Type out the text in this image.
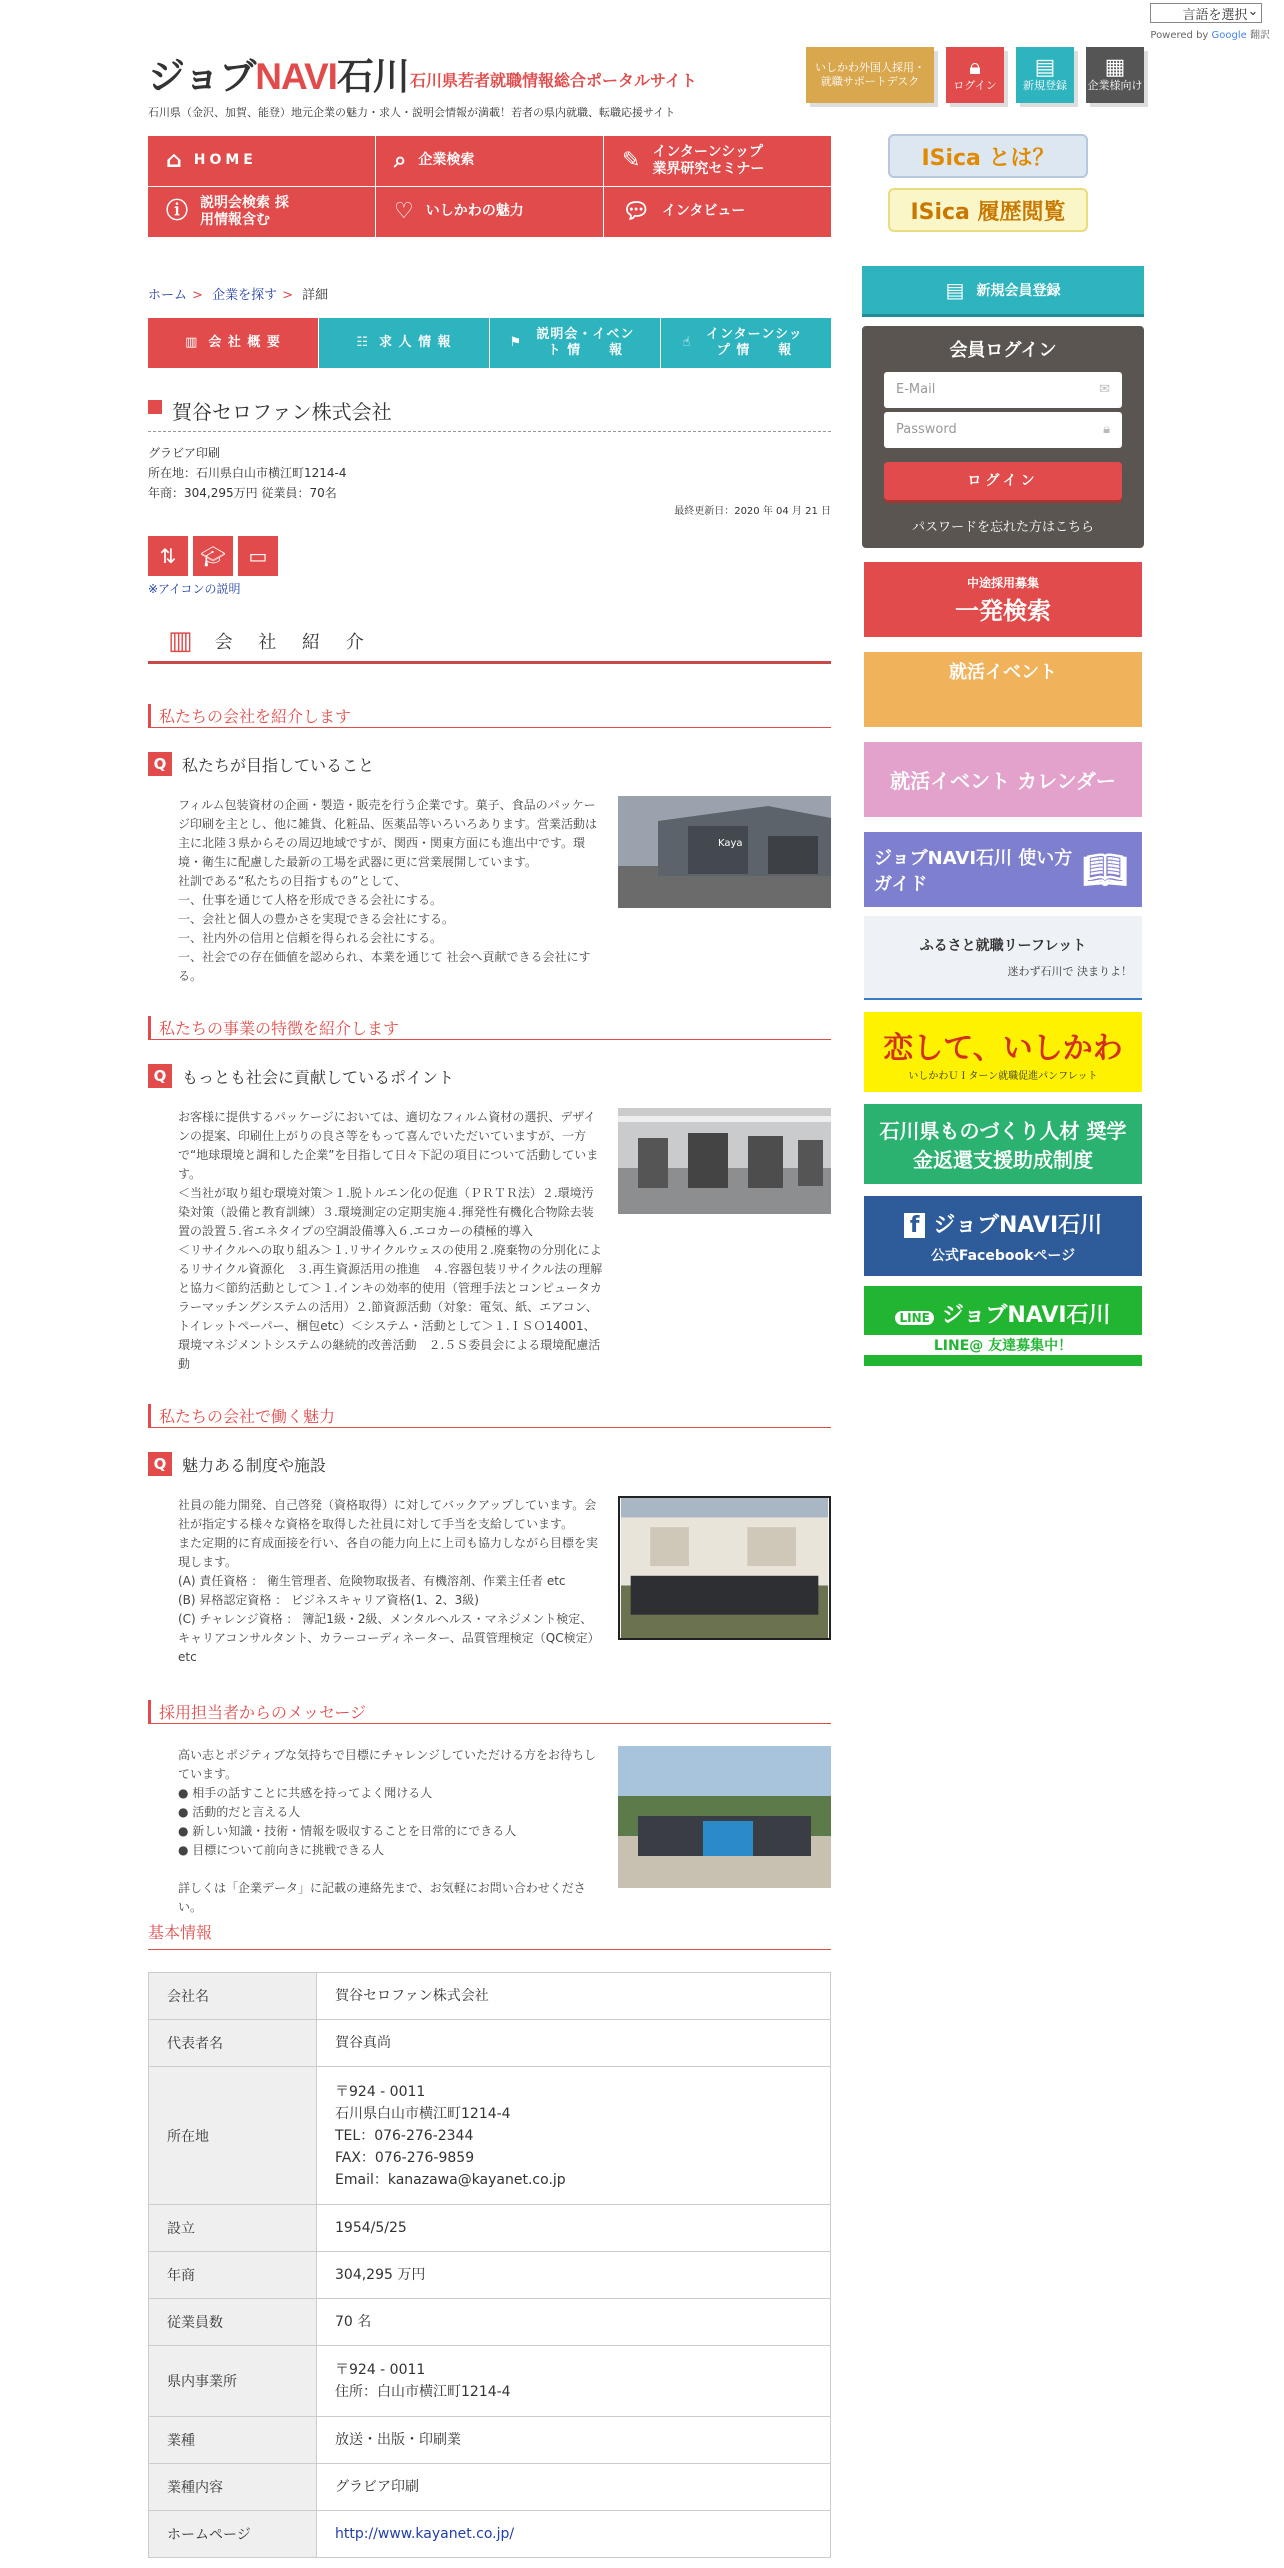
言語を選択 ⌄
Powered by Google 翻訳
ジョブNAVI石川 石川県若者就職情報総合ポータルサイト
石川県（金沢、加賀、能登）地元企業の魅力・求人・説明会情報が満載！若者の県内就職、転職応援サイト
いしかわ外国人採用・就職サポートデスク
🔒︎
ログイン
▤
新規登録
▦
企業様向け
⌂ HOME	⌕ 企業検索	✎ インターンシップ 業界研究セミナー
ⓘ 説明会検索 採用情報含む	♡ いしかわの魅力	💬︎ インタビュー
ISica とは？
ISica 履歴閲覧
ホーム > 企業を探す > 詳細
▥ 会 社 概 要	☷ 求 人 情 報	⚑
説明会・イベント 情　　報
☝
インターンシップ 情　　報
賀谷セロファン株式会社
グラビア印刷
所在地：石川県白山市横江町1214-4
年商：304,295万円 従業員：70名
最終更新日：2020 年 04 月 21 日
⇅	🎓︎	▭
※アイコンの説明
▥ 会 社 紹 介
私たちの会社を紹介します
Q 私たちが目指していること
フィルム包装資材の企画・製造・販売を行う企業です。菓子、食品のパッケージ印刷を主とし、他に雑貨、化粧品、医薬品等いろいろあります。営業活動は主に北陸３県からその周辺地域ですが、関西・関東方面にも進出中です。環境・衛生に配慮した最新の工場を武器に更に営業展開しています。
社訓である“私たちの目指すもの”として、
一、仕事を通じて人格を形成できる会社にする。
一、会社と個人の豊かさを実現できる会社にする。
一、社内外の信用と信頼を得られる会社にする。
一、社会での存在価値を認められ、本業を通じて 社会へ貢献できる会社にする。
Kaya
私たちの事業の特徴を紹介します
Q もっとも社会に貢献しているポイント
お客様に提供するパッケージにおいては、適切なフィルム資材の選択、デザインの提案、印刷仕上がりの良さ等をもって喜んでいただいていますが、一方で“地球環境と調和した企業”を目指して日々下記の項目について活動しています。
＜当社が取り組む環境対策＞１.脱トルエン化の促進（ＰＲＴＲ法）２.環境汚染対策（設備と教育訓練）３.環境測定の定期実施４.揮発性有機化合物除去装置の設置５.省エネタイプの空調設備導入６.エコカーの積極的導入
＜リサイクルへの取り組み＞１.リサイクルウェスの使用２.廃棄物の分別化によるリサイクル資源化　３.再生資源活用の推進　４.容器包装リサイクル法の理解と協力＜節約活動として＞１.インキの効率的使用（管理手法とコンピュータカラーマッチングシステムの活用）２.節資源活動（対象：電気、紙、エアコン、トイレットペーパー、梱包etc）＜システム・活動として＞１.ＩＳＯ14001、環境マネジメントシステムの継続的改善活動　２.５Ｓ委員会による環境配慮活動
私たちの会社で働く魅力
Q 魅力ある制度や施設
社員の能力開発、自己啓発（資格取得）に対してバックアップしています。会社が指定する様々な資格を取得した社員に対して手当を支給しています。
また定期的に育成面接を行い、各自の能力向上に上司も協力しながら目標を実現します。
(A) 責任資格 ： 衛生管理者、危険物取扱者、有機溶剤、作業主任者 etc
(B) 昇格認定資格 ： ビジネスキャリア資格(1、2、3級)
(C) チャレンジ資格 ： 簿記1級・2級、メンタルヘルス・マネジメント検定、キャリアコンサルタント、カラーコーディネーター、品質管理検定（QC検定）etc
採用担当者からのメッセージ
高い志とポジティブな気持ちで目標にチャレンジしていただける方をお待ちしています。
● 相手の話すことに共感を持ってよく聞ける人
● 活動的だと言える人
● 新しい知識・技術・情報を吸収することを日常的にできる人
● 目標について前向きに挑戦できる人

詳しくは「企業データ」に記載の連絡先まで、お気軽にお問い合わせください。
基本情報
会社名	賀谷セロファン株式会社
代表者名	賀谷真尚
所在地	〒924 - 0011
石川県白山市横江町1214-4
TEL：076-276-2344
FAX：076-276-9859
Email：kanazawa@kayanet.co.jp
設立	1954/5/25
年商	304,295 万円
従業員数	70 名
県内事業所	〒924 - 0011
住所：白山市横江町1214-4
業種	放送・出版・印刷業
業種内容	グラビア印刷
ホームページ	http://www.kayanet.co.jp/
▤ 新規会員登録
会員ログイン
E-Mail	✉
Password	🔒︎
ログイン
パスワードを忘れた方はこちら
中途採用募集
一発検索
就活イベント
就活イベント カレンダー
ジョブNAVI石川 使い方ガイド	📖︎
ふるさと就職リーフレット
迷わず石川で 決まりよ！
恋して、いしかわ
いしかわＵＩターン就職促進パンフレット
石川県ものづくり人材 奨学金返還支援助成制度
f ジョブNAVI石川
公式Facebookページ
LINE ジョブNAVI石川
LINE@ 友達募集中！
